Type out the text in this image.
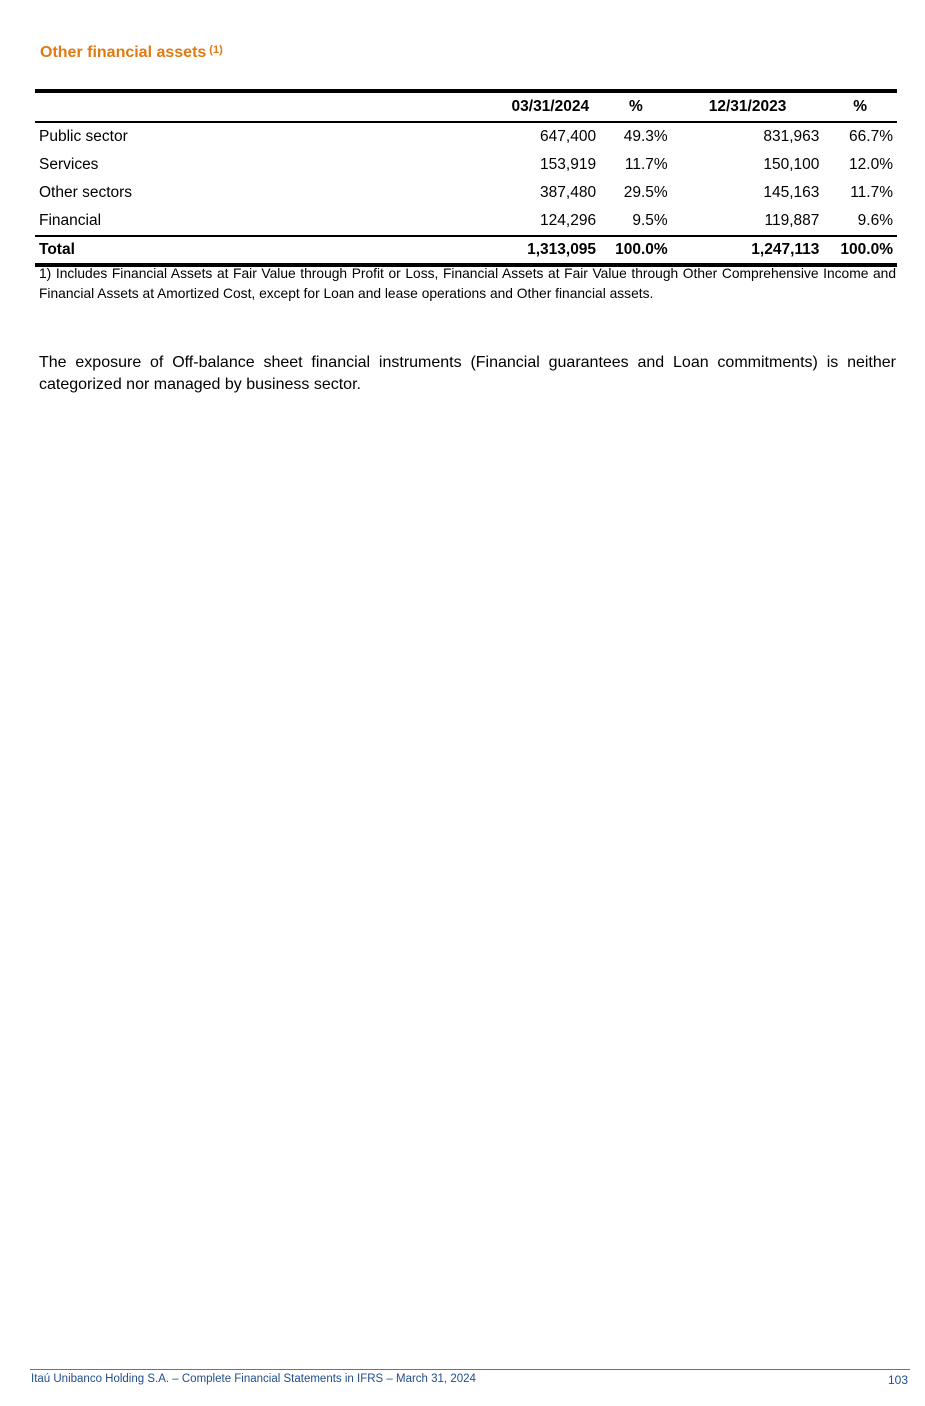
Other financial assets $^{(1)}$
	03/31/2024	%	12/31/2023	%
Public sector	647,400	49.3%	831,963	66.7%
Services	153,919	11.7%	150,100	12.0%
Other sectors	387,480	29.5%	145,163	11.7%
Financial	124,296	9.5%	119,887	9.6%
Total	1,313,095	100.0%	1,247,113	100.0%

1) Includes Financial Assets at Fair Value through Profit or Loss, Financial Assets at Fair Value through Other Comprehensive Income and Financial Assets at Amortized Cost, except for Loan and lease operations and Other financial assets.

The exposure of Off-balance sheet financial instruments (Financial guarantees and Loan commitments) is neither categorized nor managed by business sector.

Itaú Unibanco Holding S.A. – Complete Financial Statements in IFRS – March 31, 2024	103
